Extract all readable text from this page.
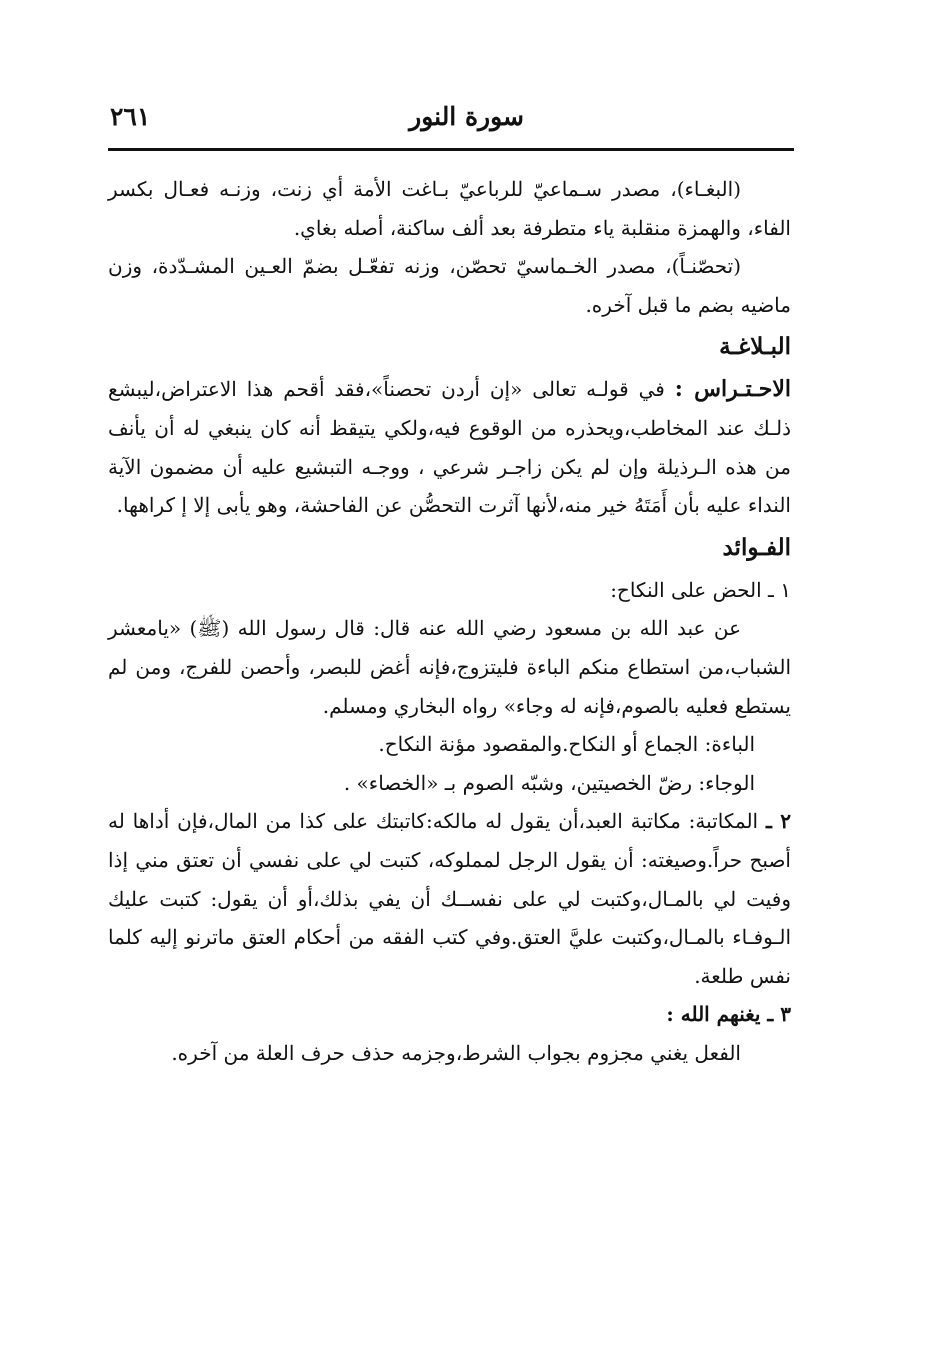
سورة النور
٢٦١

(البغـاء)، مصدر سـماعيّ للرباعيّ بـاغت الأمة أي زنت، وزنـه فعـال بكسر الفاء، والهمزة منقلبة ياء متطرفة بعد ألف ساكنة، أصله بغاي.

(تحصّنـاً)، مصدر الخـماسيّ تحصّن، وزنه تفعّـل بضمّ العـين المشـدّدة، وزن ماضيه بضم ما قبل آخره.

البـلاغـة

الاحـتـراس : في قولـه تعالى «إن أردن تحصناً»،فقد أقحم هذا الاعتراض،ليبشع ذلـك عند المخاطب،ويحذره من الوقوع فيه،ولكي يتيقظ أنه كان ينبغي له أن يأنف من هذه الـرذيلة وإن لم يكن زاجـر شرعي ، ووجـه التبشيع عليه أن مضمون الآية النداء عليه بأن أَمَتَهُ خير منه،لأنها آثرت التحصُّن عن الفاحشة، وهو يأبى إلا إ كراهها.

الفـوائد

١ ـ الحض على النكاح:

عن عبد الله بن مسعود رضي الله عنه قال: قال رسول الله (ﷺ) «يامعشر الشباب،من استطاع منكم الباءة فليتزوج،فإنه أغض للبصر، وأحصن للفرج، ومن لم يستطع فعليه بالصوم،فإنه له وجاء» رواه البخاري ومسلم.

الباءة: الجماع أو النكاح.والمقصود مؤنة النكاح.

الوجاء: رضّ الخصيتين، وشبّه الصوم بـ «الخصاء» .

٢ ـ المكاتبة: مكاتبة العبد،أن يقول له مالكه:كاتبتك على كذا من المال،فإن أداها له أصبح حراً.وصيغته: أن يقول الرجل لمملوكه، كتبت لي على نفسي أن تعتق مني إذا وفيت لي بالمـال،وكتبت لي على نفســك أن يفي بذلك،أو أن يقول: كتبت عليك الـوفـاء بالمـال،وكتبت عليَّ العتق.وفي كتب الفقه من أحكام العتق ماترنو إليه كلما نفس طلعة.

٣ ـ يغنهم الله :

الفعل يغني مجزوم بجواب الشرط،وجزمه حذف حرف العلة من آخره.
